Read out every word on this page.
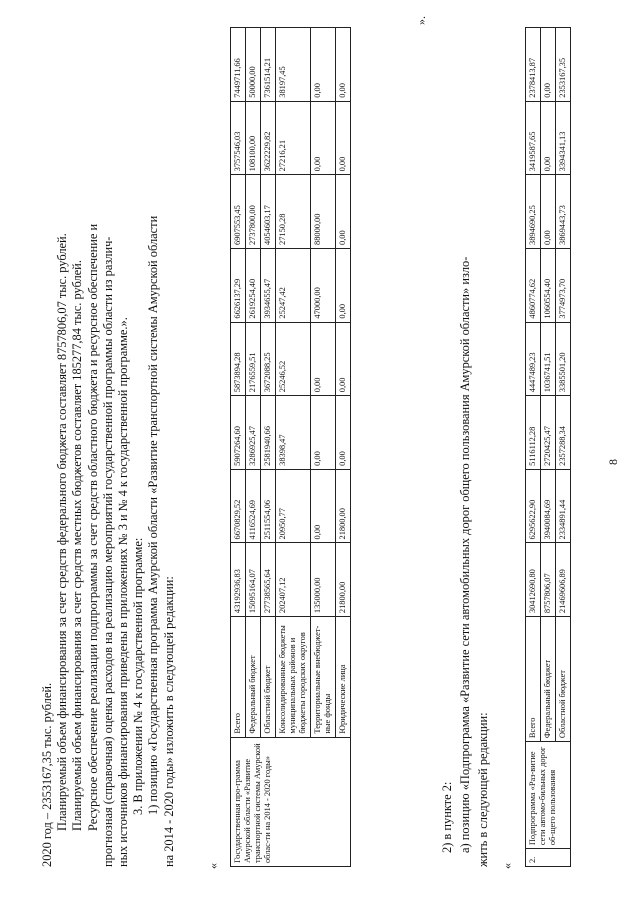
2020 год – 2353167,35 тыс. рублей. Планируемый объем финансирования за счет средств федерального бюджета составляет 8757806,07 тыс. рублей. Планируемый объем финансирования за счет средств местных бюджетов составляет 185277,84 тыс. рублей. Ресурсное обеспечение реализации подпрограммы за счет средств областного бюджета и ресурсное обеспечение и прогнозная (справочная) оценка расходов на реализацию мероприятий государственной программы области из различ- ных источников финансирования приведены в приложениях № 3 и № 4 к государственной программе.». 3. В приложении № 4 к государственной программе: 1) позицию «Государственная программа Амурской области «Развитие транспортной системы Амурской области на 2014 - 2020 годы» изложить в следующей редакции:	«
Государственная про-грамма Амурской области «Развитие транспортной системы Амурской облас-ти на 2014 - 2020 годы»	Всего	43192936,83	6670829,52	5907264,60	5873894,28	6626137,29	6907553,45	3757546,03	7449711,66
	Федеральный бюджет	15095164,07	4116524,69	3286925,47	2176559,51	2619254,40	2737800,00	108100,00	50000,00
	Областной бюджет	27738565,64	2511554,06	2581940,66	3672088,25	3934655,47	4054603,17	3622229,82	7361514,21
	Консолидированные бюджеты муниципальных районов и бюджеты городских округов	202407,12	20950,77	38398,47	25246,52	25247,42	27150,28	27216,21	38197,45
	Территориальные внебюджет-ные фонды	135000,00	0,00	0,00	0,00	47000,00	88000,00	0,00	0,00
	Юридические лица	21800,00	21800,00	0,00	0,00	0,00	0,00	0,00	0,00
».
2) в пункте 2: а) позицию «Подпрограмма «Развитие сети автомобильных дорог общего пользования Амурской области» изло- жить в следующей редакции: «
2.	Подпрограмма «Раз-витие сети автомо-бильных дорог об-щего пользования	Всего	30412690,80	6295622,90	5116112,28	4447489,23	4860774,62	3894690,25	3419587,65	2378413,87
		Федеральный бюджет	8757806,07	3940084,69	2720425,47	1036741,51	1060554,40	0,00	0,00	0,00
		Областной бюджет	21469606,89	2334891,44	2357288,34	3385501,20	3774973,70	3869443,73	3394341,13	2353167,35
8
